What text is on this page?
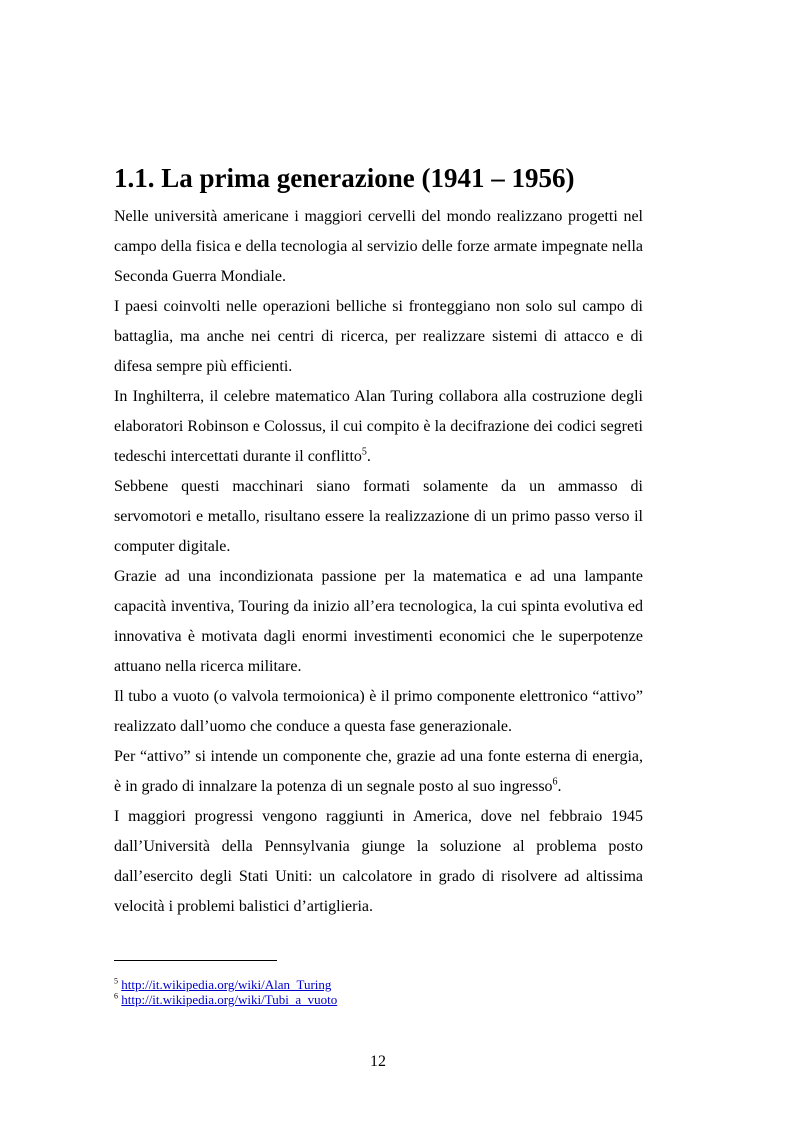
1.1. La prima generazione (1941 – 1956)

Nelle università americane i maggiori cervelli del mondo realizzano progetti nel campo della fisica e della tecnologia al servizio delle forze armate impegnate nella Seconda Guerra Mondiale.

I paesi coinvolti nelle operazioni belliche si fronteggiano non solo sul campo di battaglia, ma anche nei centri di ricerca, per realizzare sistemi di attacco e di difesa sempre più efficienti.

In Inghilterra, il celebre matematico Alan Turing collabora alla costruzione degli elaboratori Robinson e Colossus, il cui compito è la decifrazione dei codici segreti tedeschi intercettati durante il conflitto$^5$.

Sebbene questi macchinari siano formati solamente da un ammasso di servomotori e metallo, risultano essere la realizzazione di un primo passo verso il computer digitale.

Grazie ad una incondizionata passione per la matematica e ad una lampante capacità inventiva, Touring da inizio all’era tecnologica, la cui spinta evolutiva ed innovativa è motivata dagli enormi investimenti economici che le superpotenze attuano nella ricerca militare.

Il tubo a vuoto (o valvola termoionica) è il primo componente elettronico “attivo” realizzato dall’uomo che conduce a questa fase generazionale.

Per “attivo” si intende un componente che, grazie ad una fonte esterna di energia, è in grado di innalzare la potenza di un segnale posto al suo ingresso$^6$.

I maggiori progressi vengono raggiunti in America, dove nel febbraio 1945 dall’Università della Pennsylvania giunge la soluzione al problema posto dall’esercito degli Stati Uniti: un calcolatore in grado di risolvere ad altissima velocità i problemi balistici d’artiglieria.

$^5$ http://it.wikipedia.org/wiki/Alan_Turing

$^6$ http://it.wikipedia.org/wiki/Tubi_a_vuoto

12
